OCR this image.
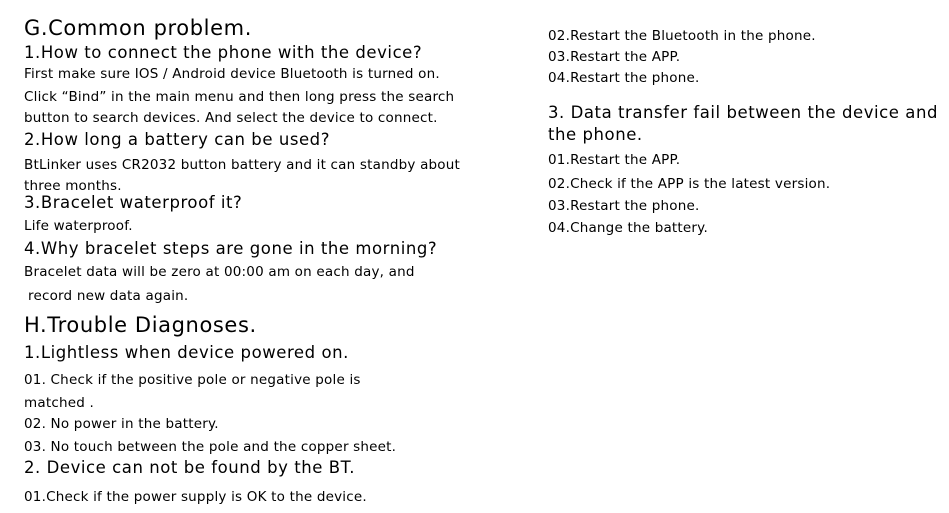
G.Common problem.
1.How to connect the phone with the device?
First make sure IOS / Android device Bluetooth is turned on.
Click “Bind” in the main menu and then long press the search
button to search devices. And select the device to connect.
2.How long a battery can be used?
BtLinker uses CR2032 button battery and it can standby about
three months.
3.Bracelet waterproof it?
Life waterproof.
4.Why bracelet steps are gone in the morning?
Bracelet data will be zero at 00:00 am on each day, and
record new data again.
H.Trouble Diagnoses.
1.Lightless when device powered on.
01. Check if the positive pole or negative pole is
matched .
02. No power in the battery.
03. No touch between the pole and the copper sheet.
2. Device can not be found by the BT.
01.Check if the power supply is OK to the device.
02.Restart the Bluetooth in the phone.
03.Restart the APP.
04.Restart the phone.
3. Data transfer fail between the device and the phone.
01.Restart the APP.
02.Check if the APP is the latest version.
03.Restart the phone.
04.Change the battery.
